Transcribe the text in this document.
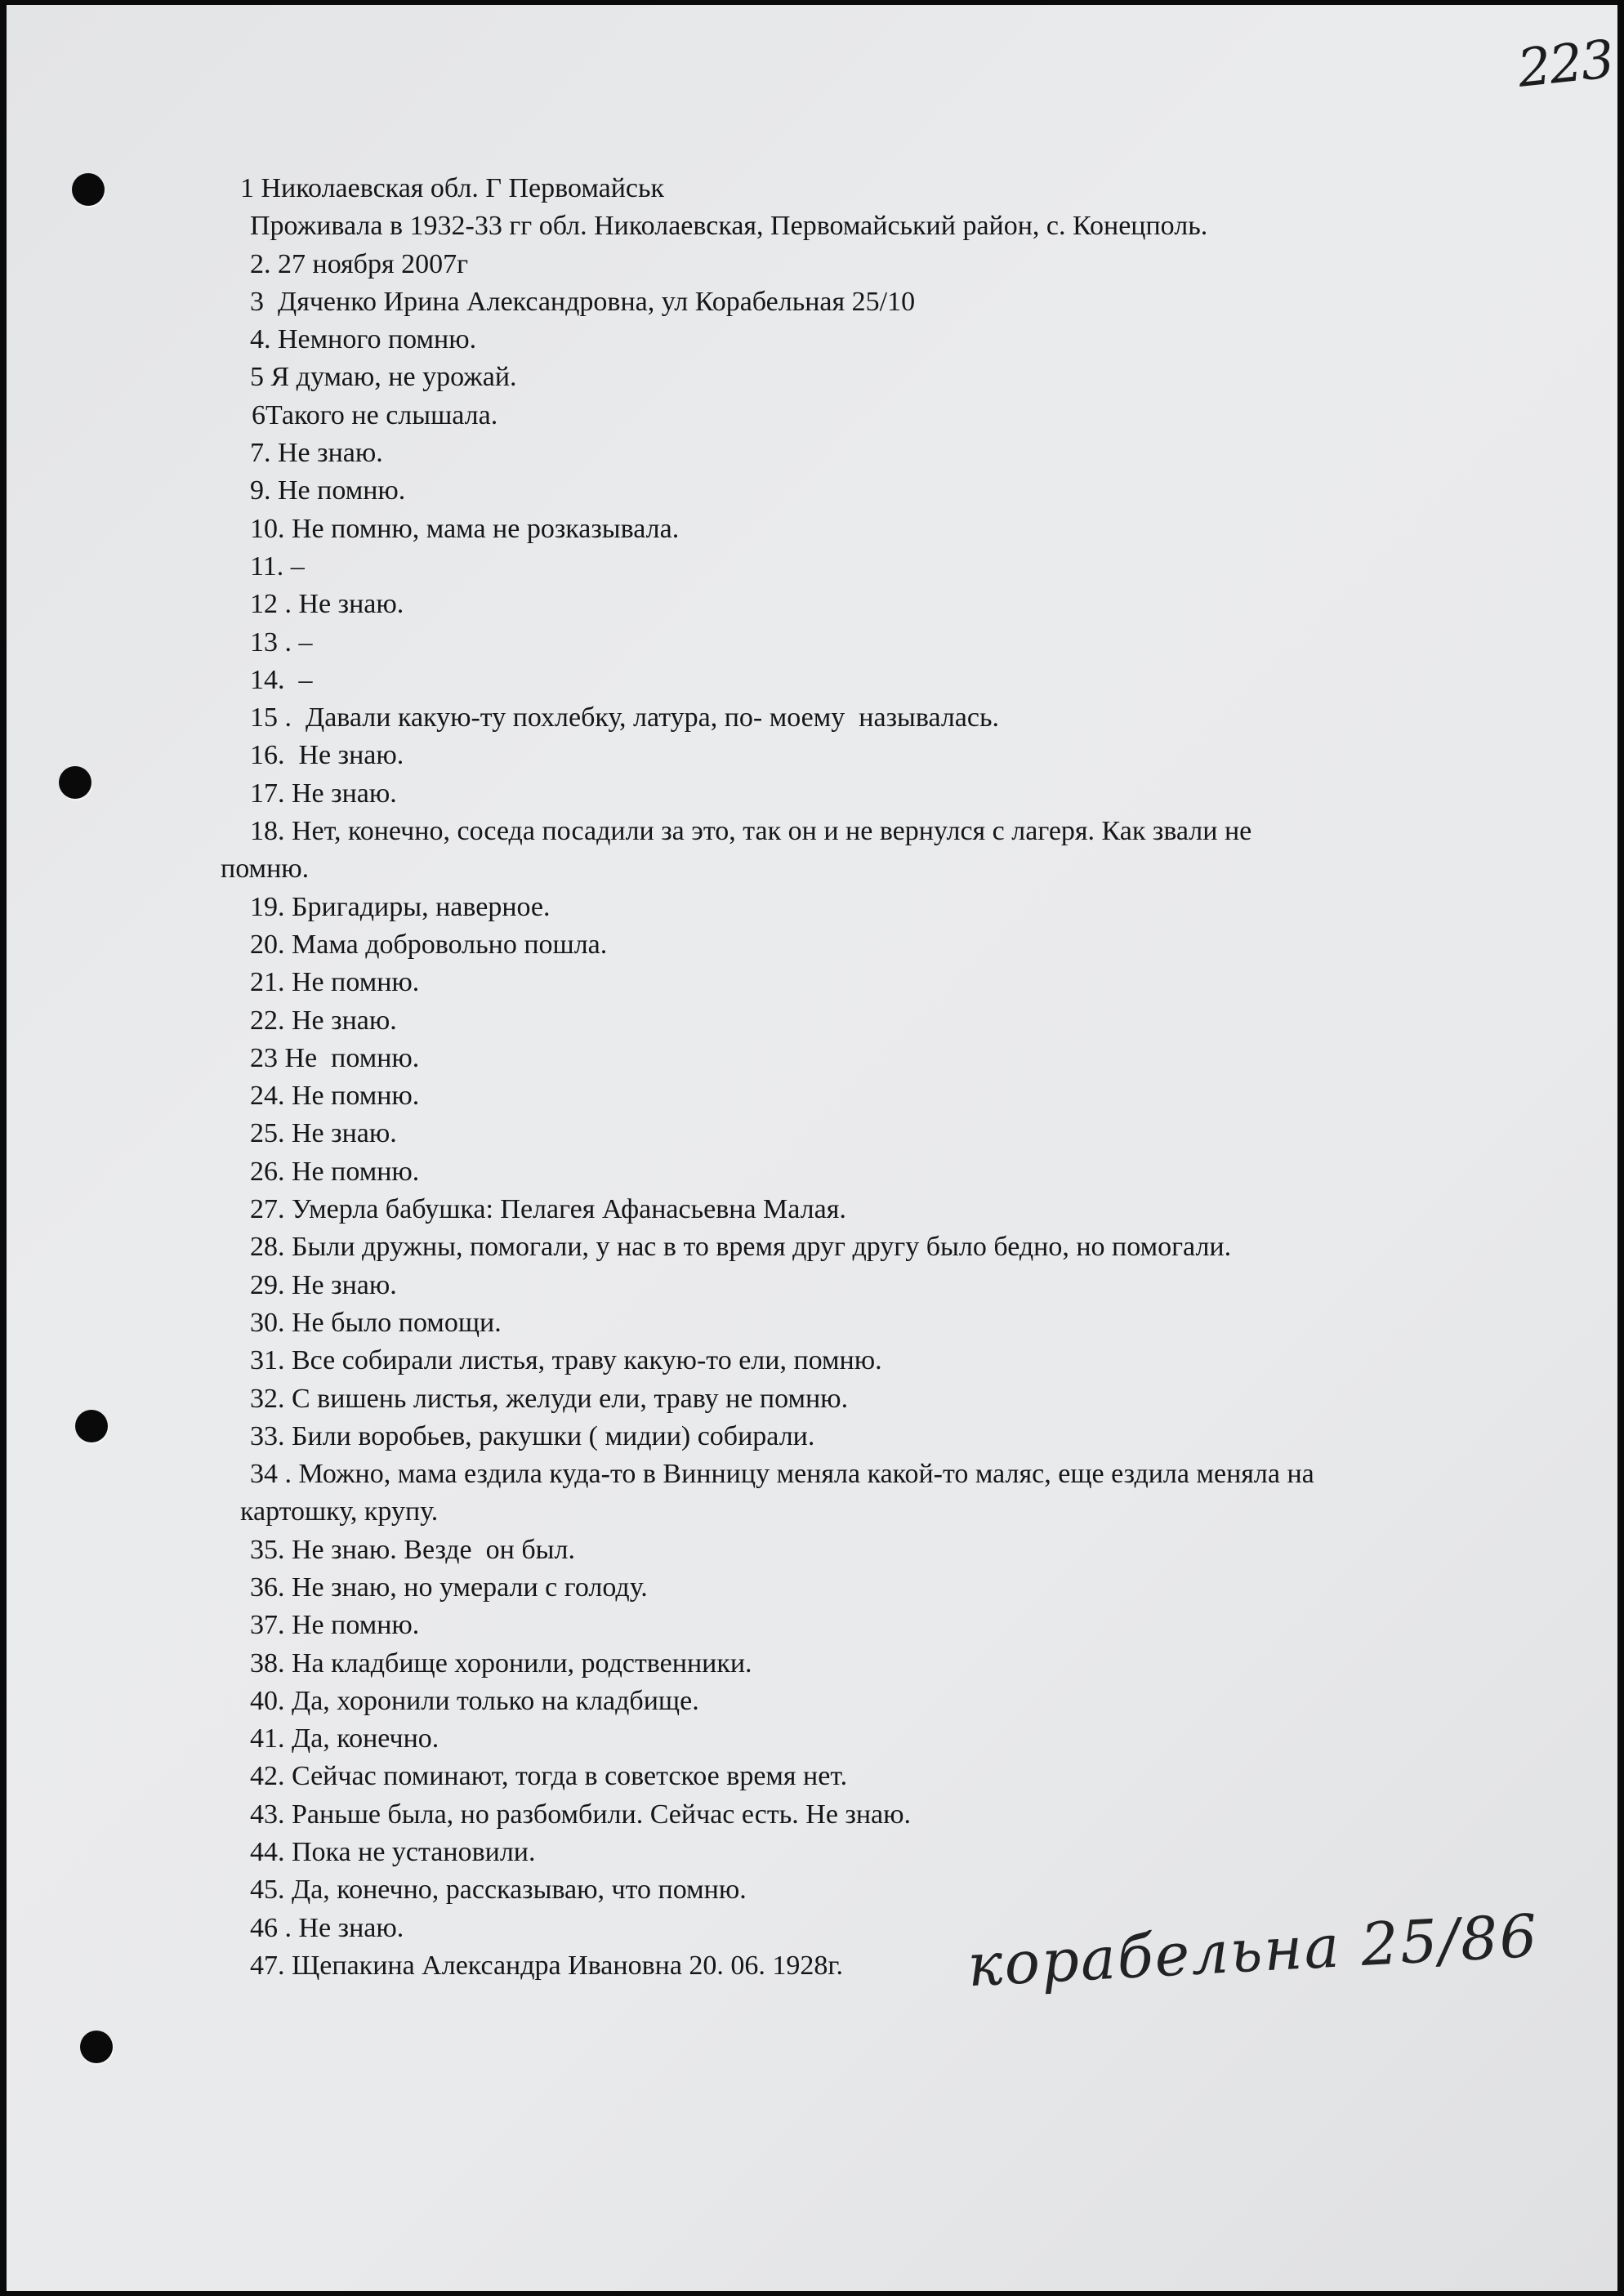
223
1 Николаевская обл. Г Первомайськ
Проживала в 1932-33 гг обл. Николаевская, Первомайський район, с. Конецполь.
2. 27 ноября 2007г
3  Дяченко Ирина Александровна, ул Корабельная 25/10
4. Немного помню.
5 Я думаю, не урожай.
6Такого не слышала.
7. Не знаю.
9. Не помню.
10. Не помню, мама не розказывала.
11. –
12 . Не знаю.
13 . –
14.  –
15 .  Давали какую-ту похлебку, латура, по- моему  называлась.
16.  Не знаю.
17. Не знаю.
18. Нет, конечно, соседа посадили за это, так он и не вернулся с лагеря. Как звали не
помню.
19. Бригадиры, наверное.
20. Мама добровольно пошла.
21. Не помню.
22. Не знаю.
23 Не  помню.
24. Не помню.
25. Не знаю.
26. Не помню.
27. Умерла бабушка: Пелагея Афанасьевна Малая.
28. Были дружны, помогали, у нас в то время друг другу было бедно, но помогали.
29. Не знаю.
30. Не было помощи.
31. Все собирали листья, траву какую-то ели, помню.
32. С вишень листья, желуди ели, траву не помню.
33. Били воробьев, ракушки ( мидии) собирали.
34 . Можно, мама ездила куда-то в Винницу меняла какой-то маляс, еще ездила меняла на
картошку, крупу.
35. Не знаю. Везде  он был.
36. Не знаю, но умерали с голоду.
37. Не помню.
38. На кладбище хоронили, родственники.
40. Да, хоронили только на кладбище.
41. Да, конечно.
42. Сейчас поминают, тогда в советское время нет.
43. Раньше была, но разбомбили. Сейчас есть. Не знаю.
44. Пока не установили.
45. Да, конечно, рассказываю, что помню.
46 . Не знаю.
47. Щепакина Александра Ивановна 20. 06. 1928г.	корабельна 25/86
